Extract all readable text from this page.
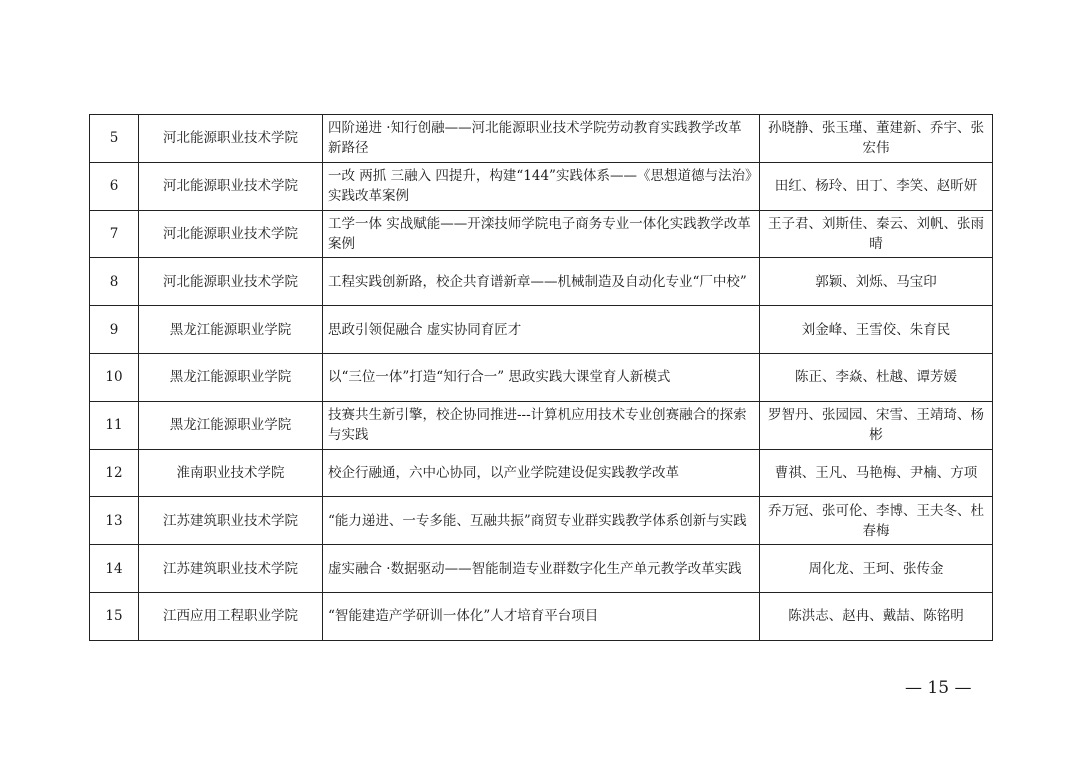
5	河北能源职业技术学院	四阶递进 ·知行创融——河北能源职业技术学院劳动教育实践教学改革新路径	孙晓静、张玉瑾、董建新、乔宇、张宏伟
6	河北能源职业技术学院	一改 两抓 三融入 四提升，构建“144”实践体系——《思想道德与法治》实践改革案例	田红、杨玲、田丁、李笑、赵昕妍
7	河北能源职业技术学院	工学一体 实战赋能——开滦技师学院电子商务专业一体化实践教学改革案例	王子君、刘斯佳、秦云、刘帆、张雨晴
8	河北能源职业技术学院	工程实践创新路，校企共育谱新章——机械制造及自动化专业“厂中校”	郭颖、刘烁、马宝印
9	黑龙江能源职业学院	思政引领促融合 虚实协同育匠才	刘金峰、王雪佼、朱育民
10	黑龙江能源职业学院	以“三位一体”打造“知行合一” 思政实践大课堂育人新模式	陈正、李焱、杜越、谭芳媛
11	黑龙江能源职业学院	技赛共生新引擎，校企协同推进---计算机应用技术专业创赛融合的探索与实践	罗智丹、张园园、宋雪、王靖琦、杨彬
12	淮南职业技术学院	校企行融通，六中心协同，以产业学院建设促实践教学改革	曹祺、王凡、马艳梅、尹楠、方项
13	江苏建筑职业技术学院	“能力递进、一专多能、互融共振”商贸专业群实践教学体系创新与实践	乔万冠、张可伦、李博、王夫冬、杜春梅
14	江苏建筑职业技术学院	虚实融合 ·数据驱动——智能制造专业群数字化生产单元教学改革实践	周化龙、王珂、张传金
15	江西应用工程职业学院	“智能建造产学研训一体化”人才培育平台项目	陈洪志、赵冉、戴喆、陈铭明
— 15 —
